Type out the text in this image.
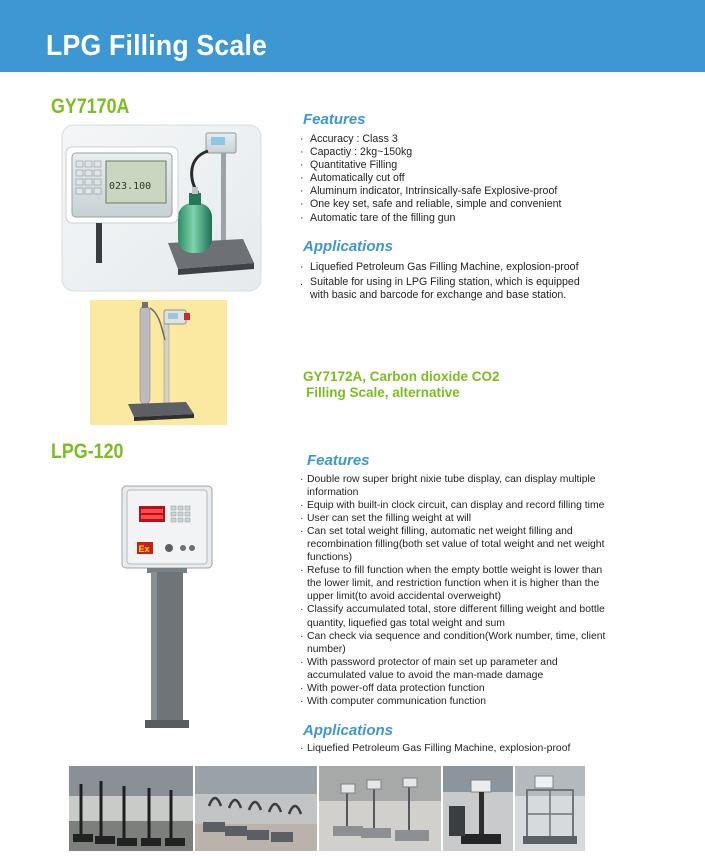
LPG Filling Scale
GY7170A
023.100
Features
· Accuracy : Class 3
· Capactiy : 2kg~150kg
· Quantitative Filling
· Automatically cut off
· Aluminum indicator, Intrinsically-safe Explosive-proof
· One key set, safe and reliable, simple and convenient
· Automatic tare of the filling gun
Applications
· Liquefied Petroleum Gas Filling Machine, explosion-proof
. Suitable for using in LPG Filing station, which is equipped with basic and barcode for exchange and base station.
GY7172A, Carbon dioxide CO2
Filling Scale, alternative
LPG-120
Ex
Features
· Double row super bright nixie tube display, can display multiple information
· Equip with built-in clock circuit, can display and record filling time
· User can set the filling weight at will
· Can set total weight filling, automatic net weight filling and recombination filling(both set value of total weight and net weight functions)
· Refuse to fill function when the empty bottle weight is lower than the lower limit, and restriction function when it is higher than the upper limit(to avoid accidental overweight)
· Classify accumulated total, store different filling weight and bottle quantity, liquefied gas total weight and sum
· Can check via sequence and condition(Work number, time, client number)
· With password protector of main set up parameter and accumulated value to avoid the man-made damage
· With power-off data protection function
· With computer communication function
Applications
· Liquefied Petroleum Gas Filling Machine, explosion-proof
